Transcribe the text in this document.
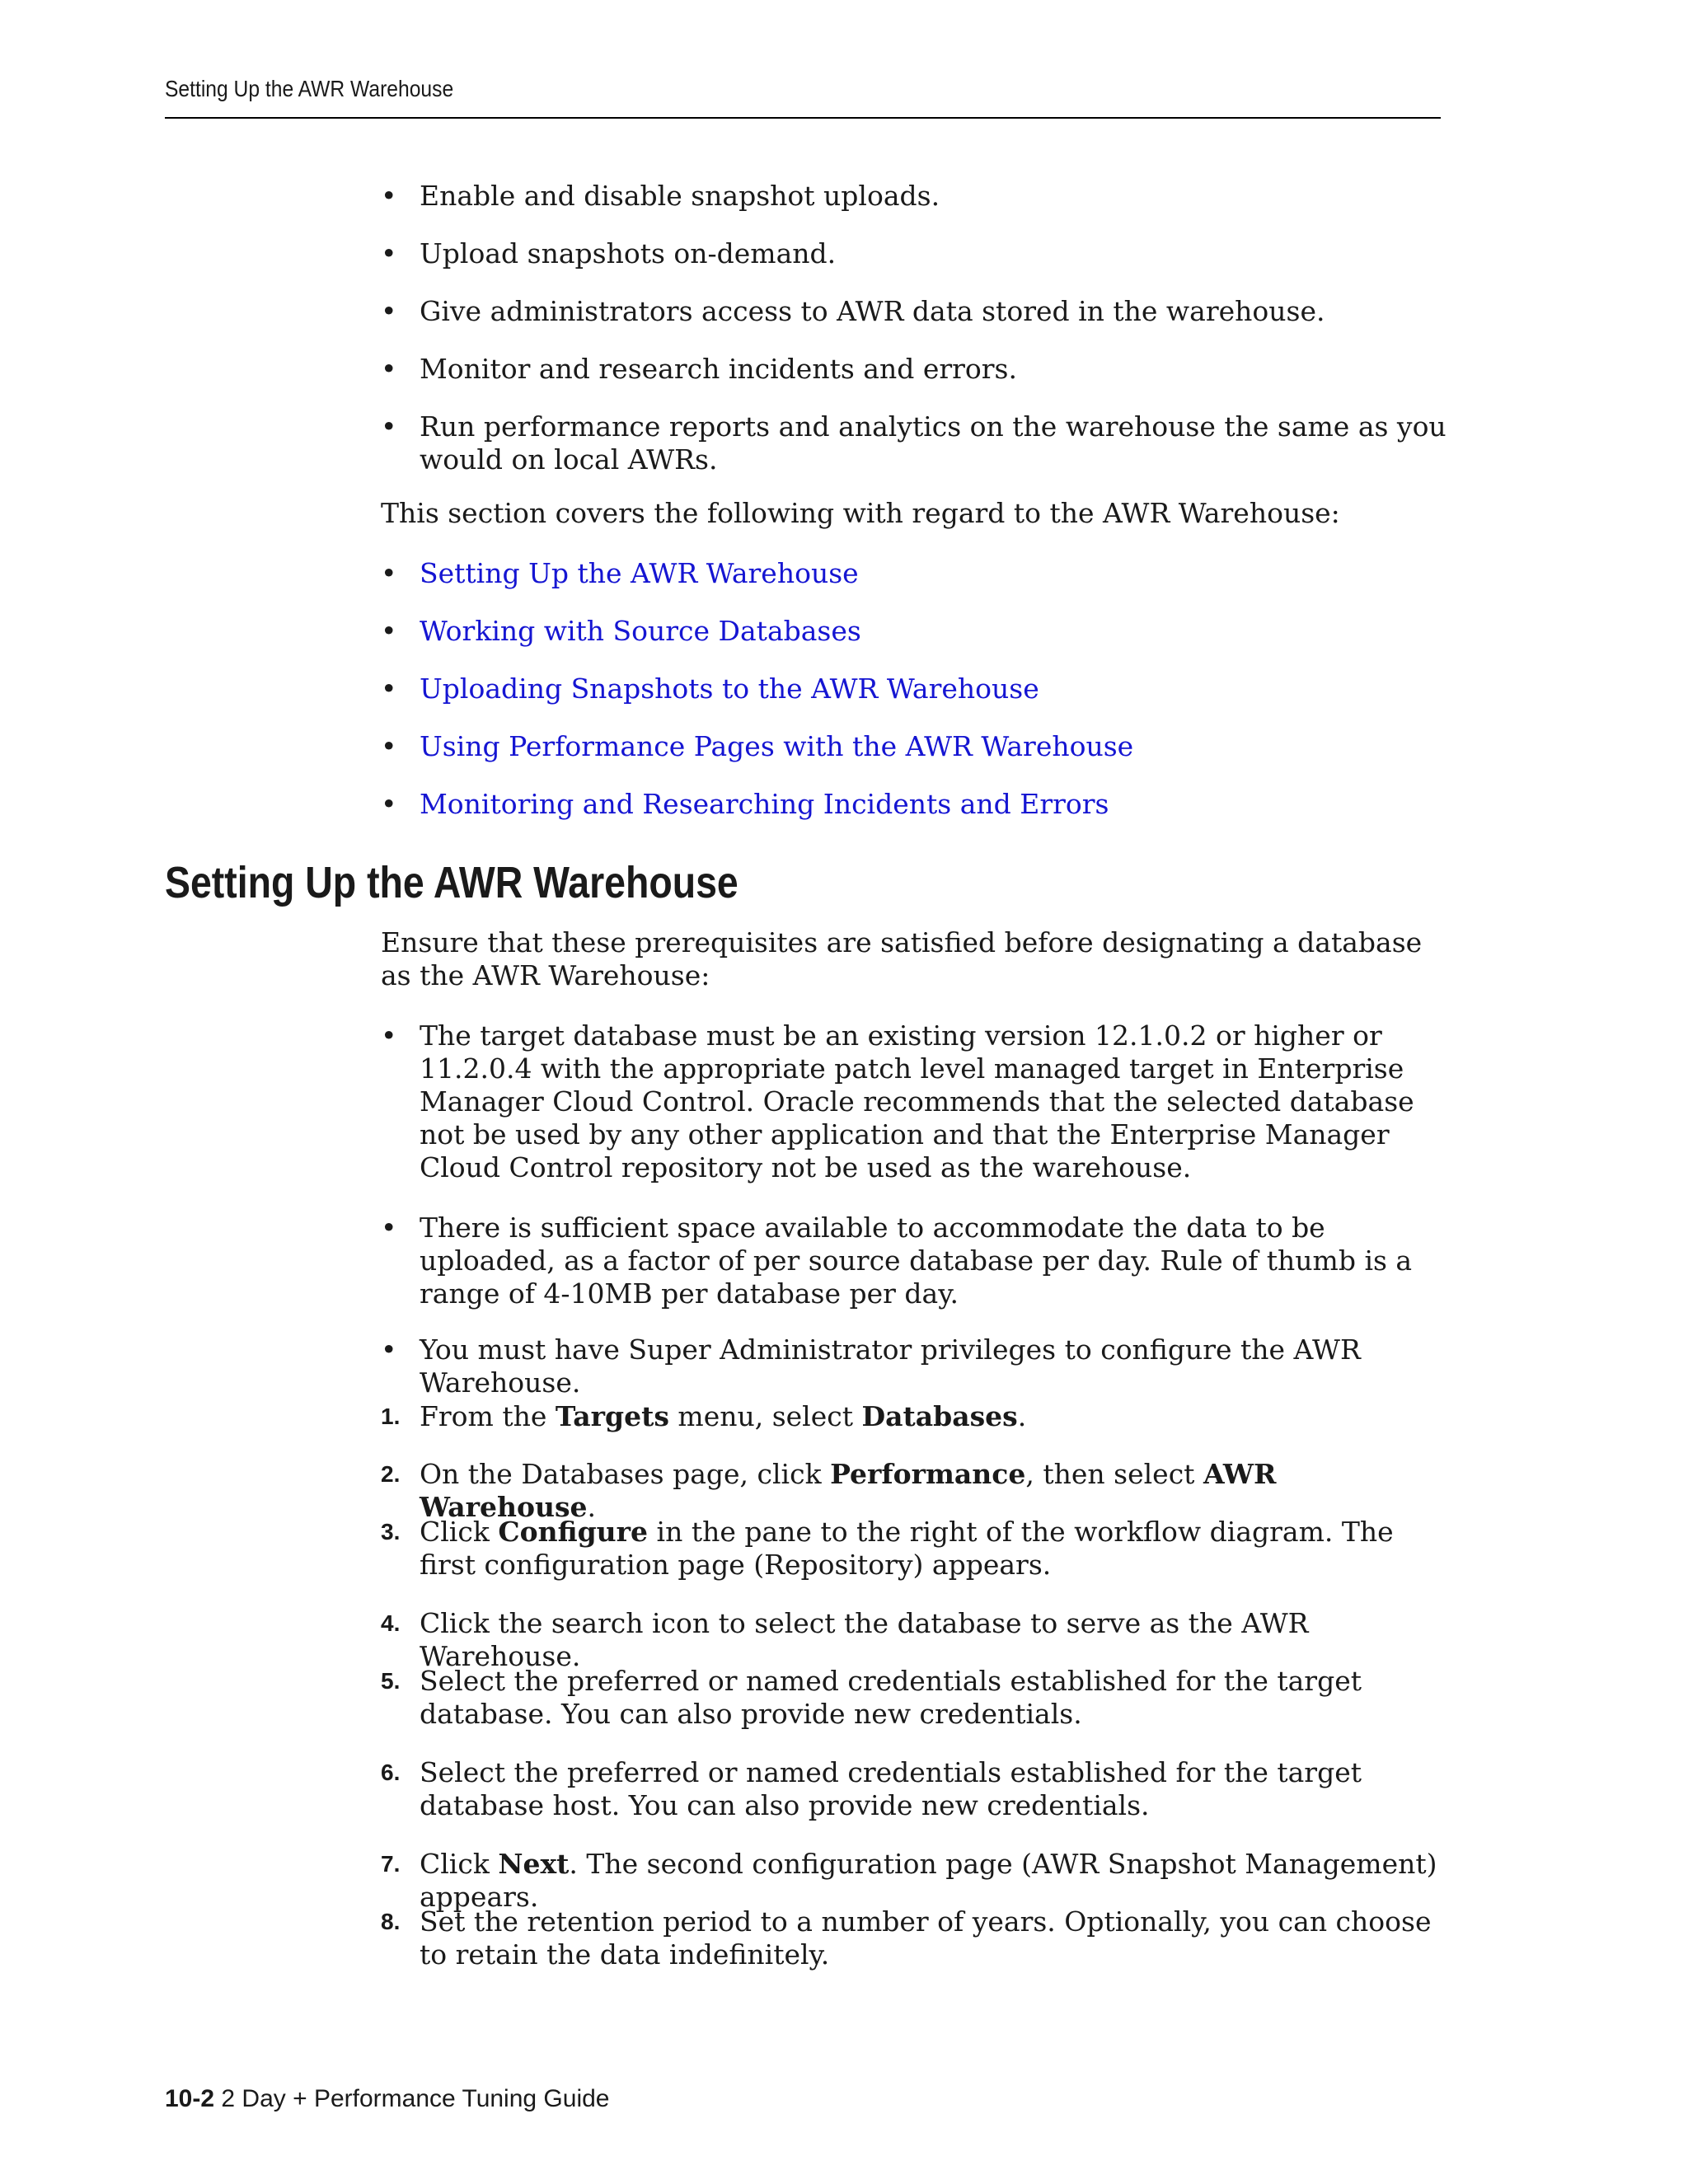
Setting Up the AWR Warehouse
• Enable and disable snapshot uploads.
• Upload snapshots on-demand.
• Give administrators access to AWR data stored in the warehouse.
• Monitor and research incidents and errors.
• Run performance reports and analytics on the warehouse the same as you would on local AWRs.
This section covers the following with regard to the AWR Warehouse:
• Setting Up the AWR Warehouse
• Working with Source Databases
• Uploading Snapshots to the AWR Warehouse
• Using Performance Pages with the AWR Warehouse
• Monitoring and Researching Incidents and Errors
Setting Up the AWR Warehouse
Ensure that these prerequisites are satisfied before designating a database as the AWR Warehouse:
• The target database must be an existing version 12.1.0.2 or higher or 11.2.0.4 with the appropriate patch level managed target in Enterprise Manager Cloud Control. Oracle recommends that the selected database not be used by any other application and that the Enterprise Manager Cloud Control repository not be used as the warehouse.
• There is sufficient space available to accommodate the data to be uploaded, as a factor of per source database per day. Rule of thumb is a range of 4-10MB per database per day.
• You must have Super Administrator privileges to configure the AWR Warehouse.
1. From the Targets menu, select Databases.
2. On the Databases page, click Performance, then select AWR Warehouse.
3. Click Configure in the pane to the right of the workflow diagram. The first configuration page (Repository) appears.
4. Click the search icon to select the database to serve as the AWR Warehouse.
5. Select the preferred or named credentials established for the target database. You can also provide new credentials.
6. Select the preferred or named credentials established for the target database host. You can also provide new credentials.
7. Click Next. The second configuration page (AWR Snapshot Management) appears.
8. Set the retention period to a number of years. Optionally, you can choose to retain the data indefinitely.
10-2 2 Day + Performance Tuning Guide
